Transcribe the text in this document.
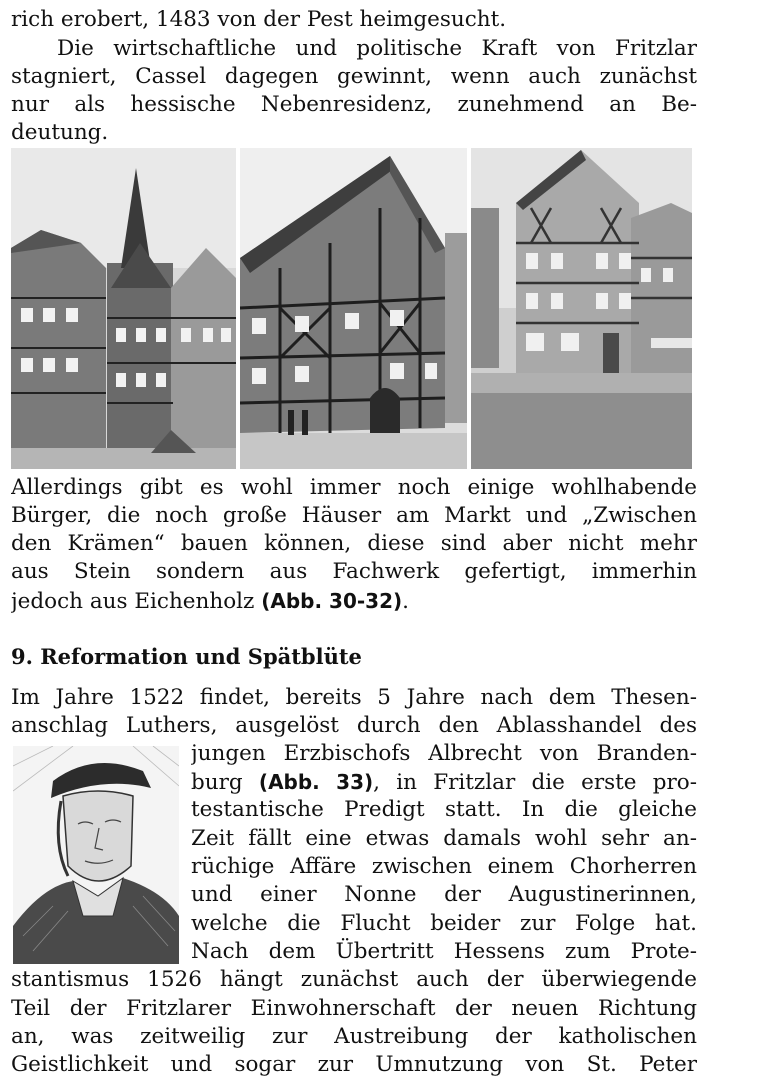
rich erobert, 1483 von der Pest heimgesucht.
Die wirtschaftliche und politische Kraft von Fritzlar
stagniert, Cassel dagegen gewinnt, wenn auch zunächst
nur als hessische Nebenresidenz, zunehmend an Be-
deutung.
Allerdings gibt es wohl immer noch einige wohlhabende
Bürger, die noch große Häuser am Markt und „Zwischen
den Krämen“ bauen können, diese sind aber nicht mehr
aus Stein sondern aus Fachwerk gefertigt, immerhin
jedoch aus Eichenholz (Abb. 30-32).
9. Reformation und Spätblüte
Im Jahre 1522 findet, bereits 5 Jahre nach dem Thesen-
anschlag Luthers, ausgelöst durch den Ablasshandel des
jungen Erzbischofs Albrecht von Branden-
burg (Abb. 33), in Fritzlar die erste pro-
testantische Predigt statt. In die gleiche
Zeit fällt eine etwas damals wohl sehr an-
rüchige Affäre zwischen einem Chorherren
und einer Nonne der Augustinerinnen,
welche die Flucht beider zur Folge hat.
Nach dem Übertritt Hessens zum Prote-
stantismus 1526 hängt zunächst auch der überwiegende
Teil der Fritzlarer Einwohnerschaft der neuen Richtung
an, was zeitweilig zur Austreibung der katholischen
Geistlichkeit und sogar zur Umnutzung von St. Peter
